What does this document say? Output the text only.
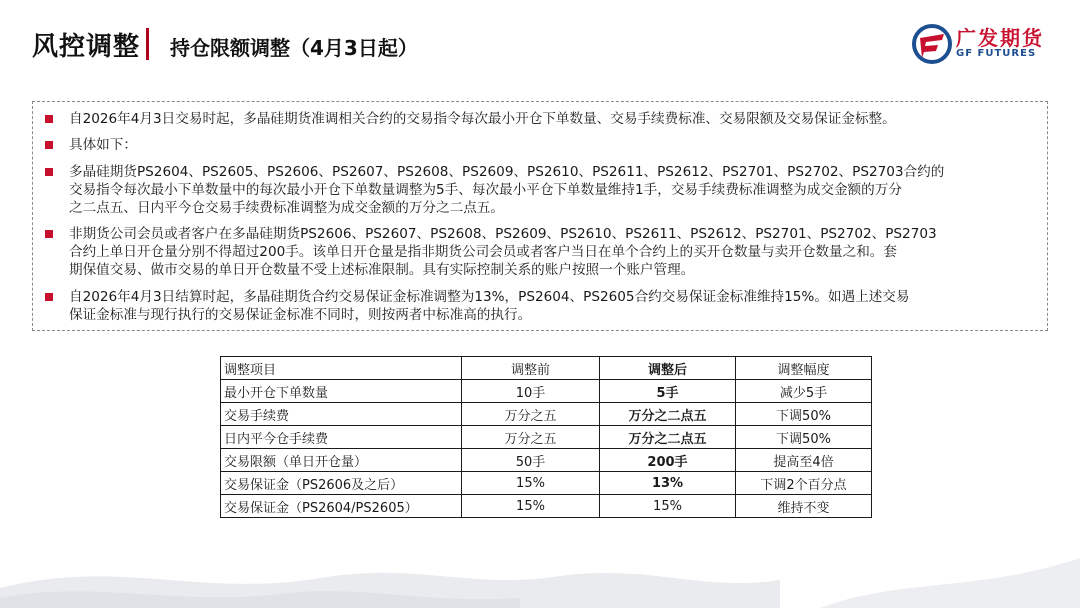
风控调整 持仓限额调整（4月3日起）	广发期货
GF FUTURES
自2026年4月3日交易时起，多晶硅期货准调相关合约的交易指令每次最小开仓下单数量、交易手续费标准、交易限额及交易保证金标整。
具体如下：
多晶硅期货PS2604、PS2605、PS2606、PS2607、PS2608、PS2609、PS2610、PS2611、PS2612、PS2701、PS2702、PS2703合约的
交易指令每次最小下单数量中的每次最小开仓下单数量调整为5手、每次最小平仓下单数量维持1手，交易手续费标准调整为成交金额的万分
之二点五、日内平今仓交易手续费标准调整为成交金额的万分之二点五。
非期货公司会员或者客户在多晶硅期货PS2606、PS2607、PS2608、PS2609、PS2610、PS2611、PS2612、PS2701、PS2702、PS2703
合约上单日开仓量分别不得超过200手。该单日开仓量是指非期货公司会员或者客户当日在单个合约上的买开仓数量与卖开仓数量之和。套
期保值交易、做市交易的单日开仓数量不受上述标准限制。具有实际控制关系的账户按照一个账户管理。
自2026年4月3日结算时起，多晶硅期货合约交易保证金标准调整为13%，PS2604、PS2605合约交易保证金标准维持15%。如遇上述交易
保证金标准与现行执行的交易保证金标准不同时，则按两者中标准高的执行。
调整项目	调整前	调整后	调整幅度
最小开仓下单数量	10手	5手	减少5手
交易手续费	万分之五	万分之二点五	下调50%
日内平今仓手续费	万分之五	万分之二点五	下调50%
交易限额（单日开仓量）	50手	200手	提高至4倍
交易保证金（PS2606及之后）	15%	13%	下调2个百分点
交易保证金（PS2604/PS2605）	15%	15%	维持不变
